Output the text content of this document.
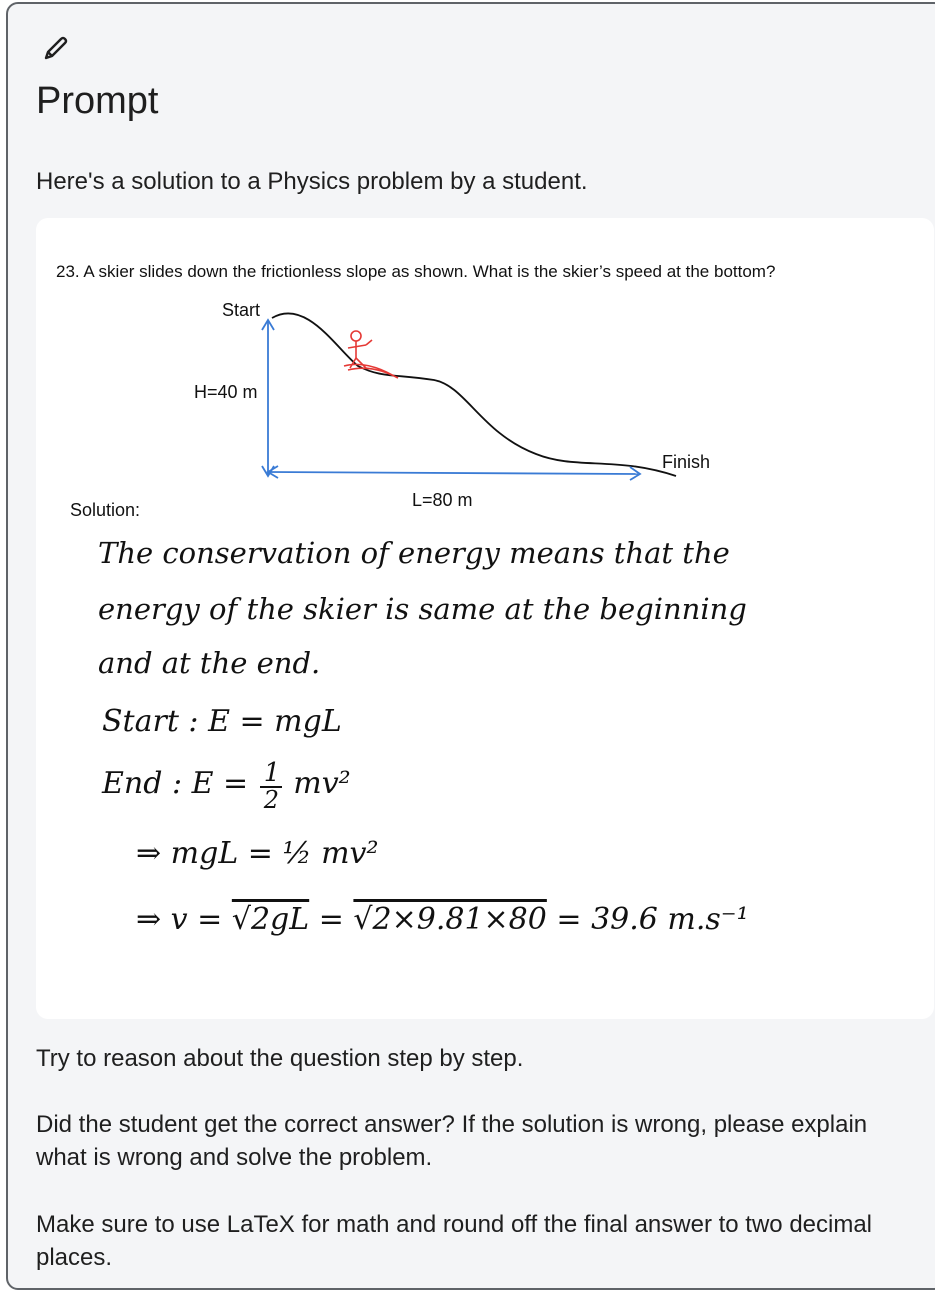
Prompt

Here's a solution to a Physics problem by a student.

23. A skier slides down the frictionless slope as shown. What is the skier’s speed at the bottom?
Start
H=40 m
Finish
L=80 m
Solution:
The conservation of energy means that the
energy of the skier is same at the beginning
and at the end.
Start : E = mgL
End : $E = \frac{1}{2} mv^2$
⇒ mgL = ½ mv²
⇒ v = √2gL = √2×9.81×80 = 39.6 m.s⁻¹

Try to reason about the question step by step.

Did the student get the correct answer? If the solution is wrong, please explain what is wrong and solve the problem.

Make sure to use LaTeX for math and round off the final answer to two decimal places.
